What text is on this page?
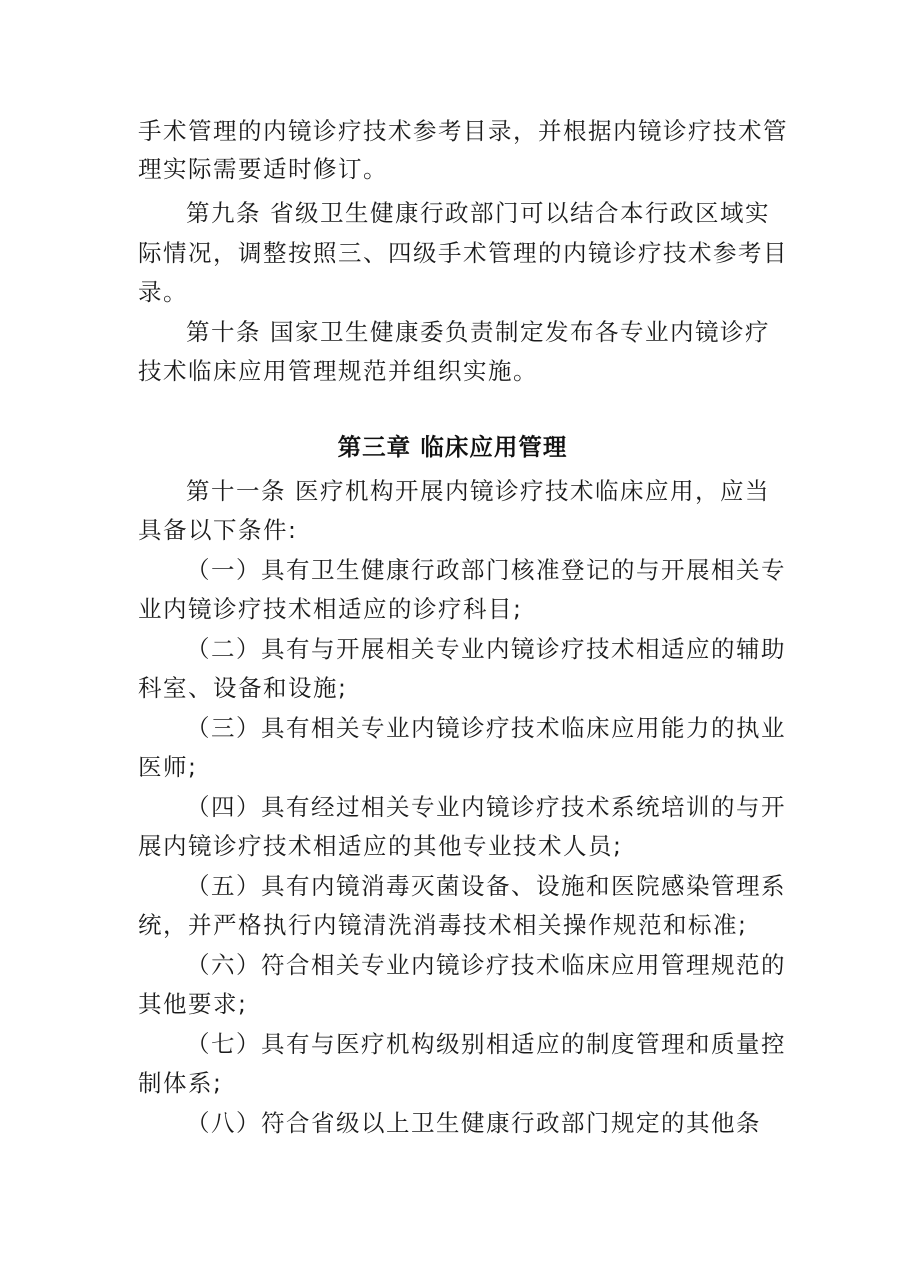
手术管理的内镜诊疗技术参考目录，并根据内镜诊疗技术管

理实际需要适时修订。

第九条 省级卫生健康行政部门可以结合本行政区域实

际情况，调整按照三、四级手术管理的内镜诊疗技术参考目

录。

第十条 国家卫生健康委负责制定发布各专业内镜诊疗

技术临床应用管理规范并组织实施。

第三章 临床应用管理

第十一条 医疗机构开展内镜诊疗技术临床应用，应当

具备以下条件:

（一）具有卫生健康行政部门核准登记的与开展相关专

业内镜诊疗技术相适应的诊疗科目;

（二）具有与开展相关专业内镜诊疗技术相适应的辅助

科室、设备和设施;

（三）具有相关专业内镜诊疗技术临床应用能力的执业

医师;

（四）具有经过相关专业内镜诊疗技术系统培训的与开

展内镜诊疗技术相适应的其他专业技术人员;

（五）具有内镜消毒灭菌设备、设施和医院感染管理系

统，并严格执行内镜清洗消毒技术相关操作规范和标准;

（六）符合相关专业内镜诊疗技术临床应用管理规范的

其他要求;

（七）具有与医疗机构级别相适应的制度管理和质量控

制体系;

（八）符合省级以上卫生健康行政部门规定的其他条
